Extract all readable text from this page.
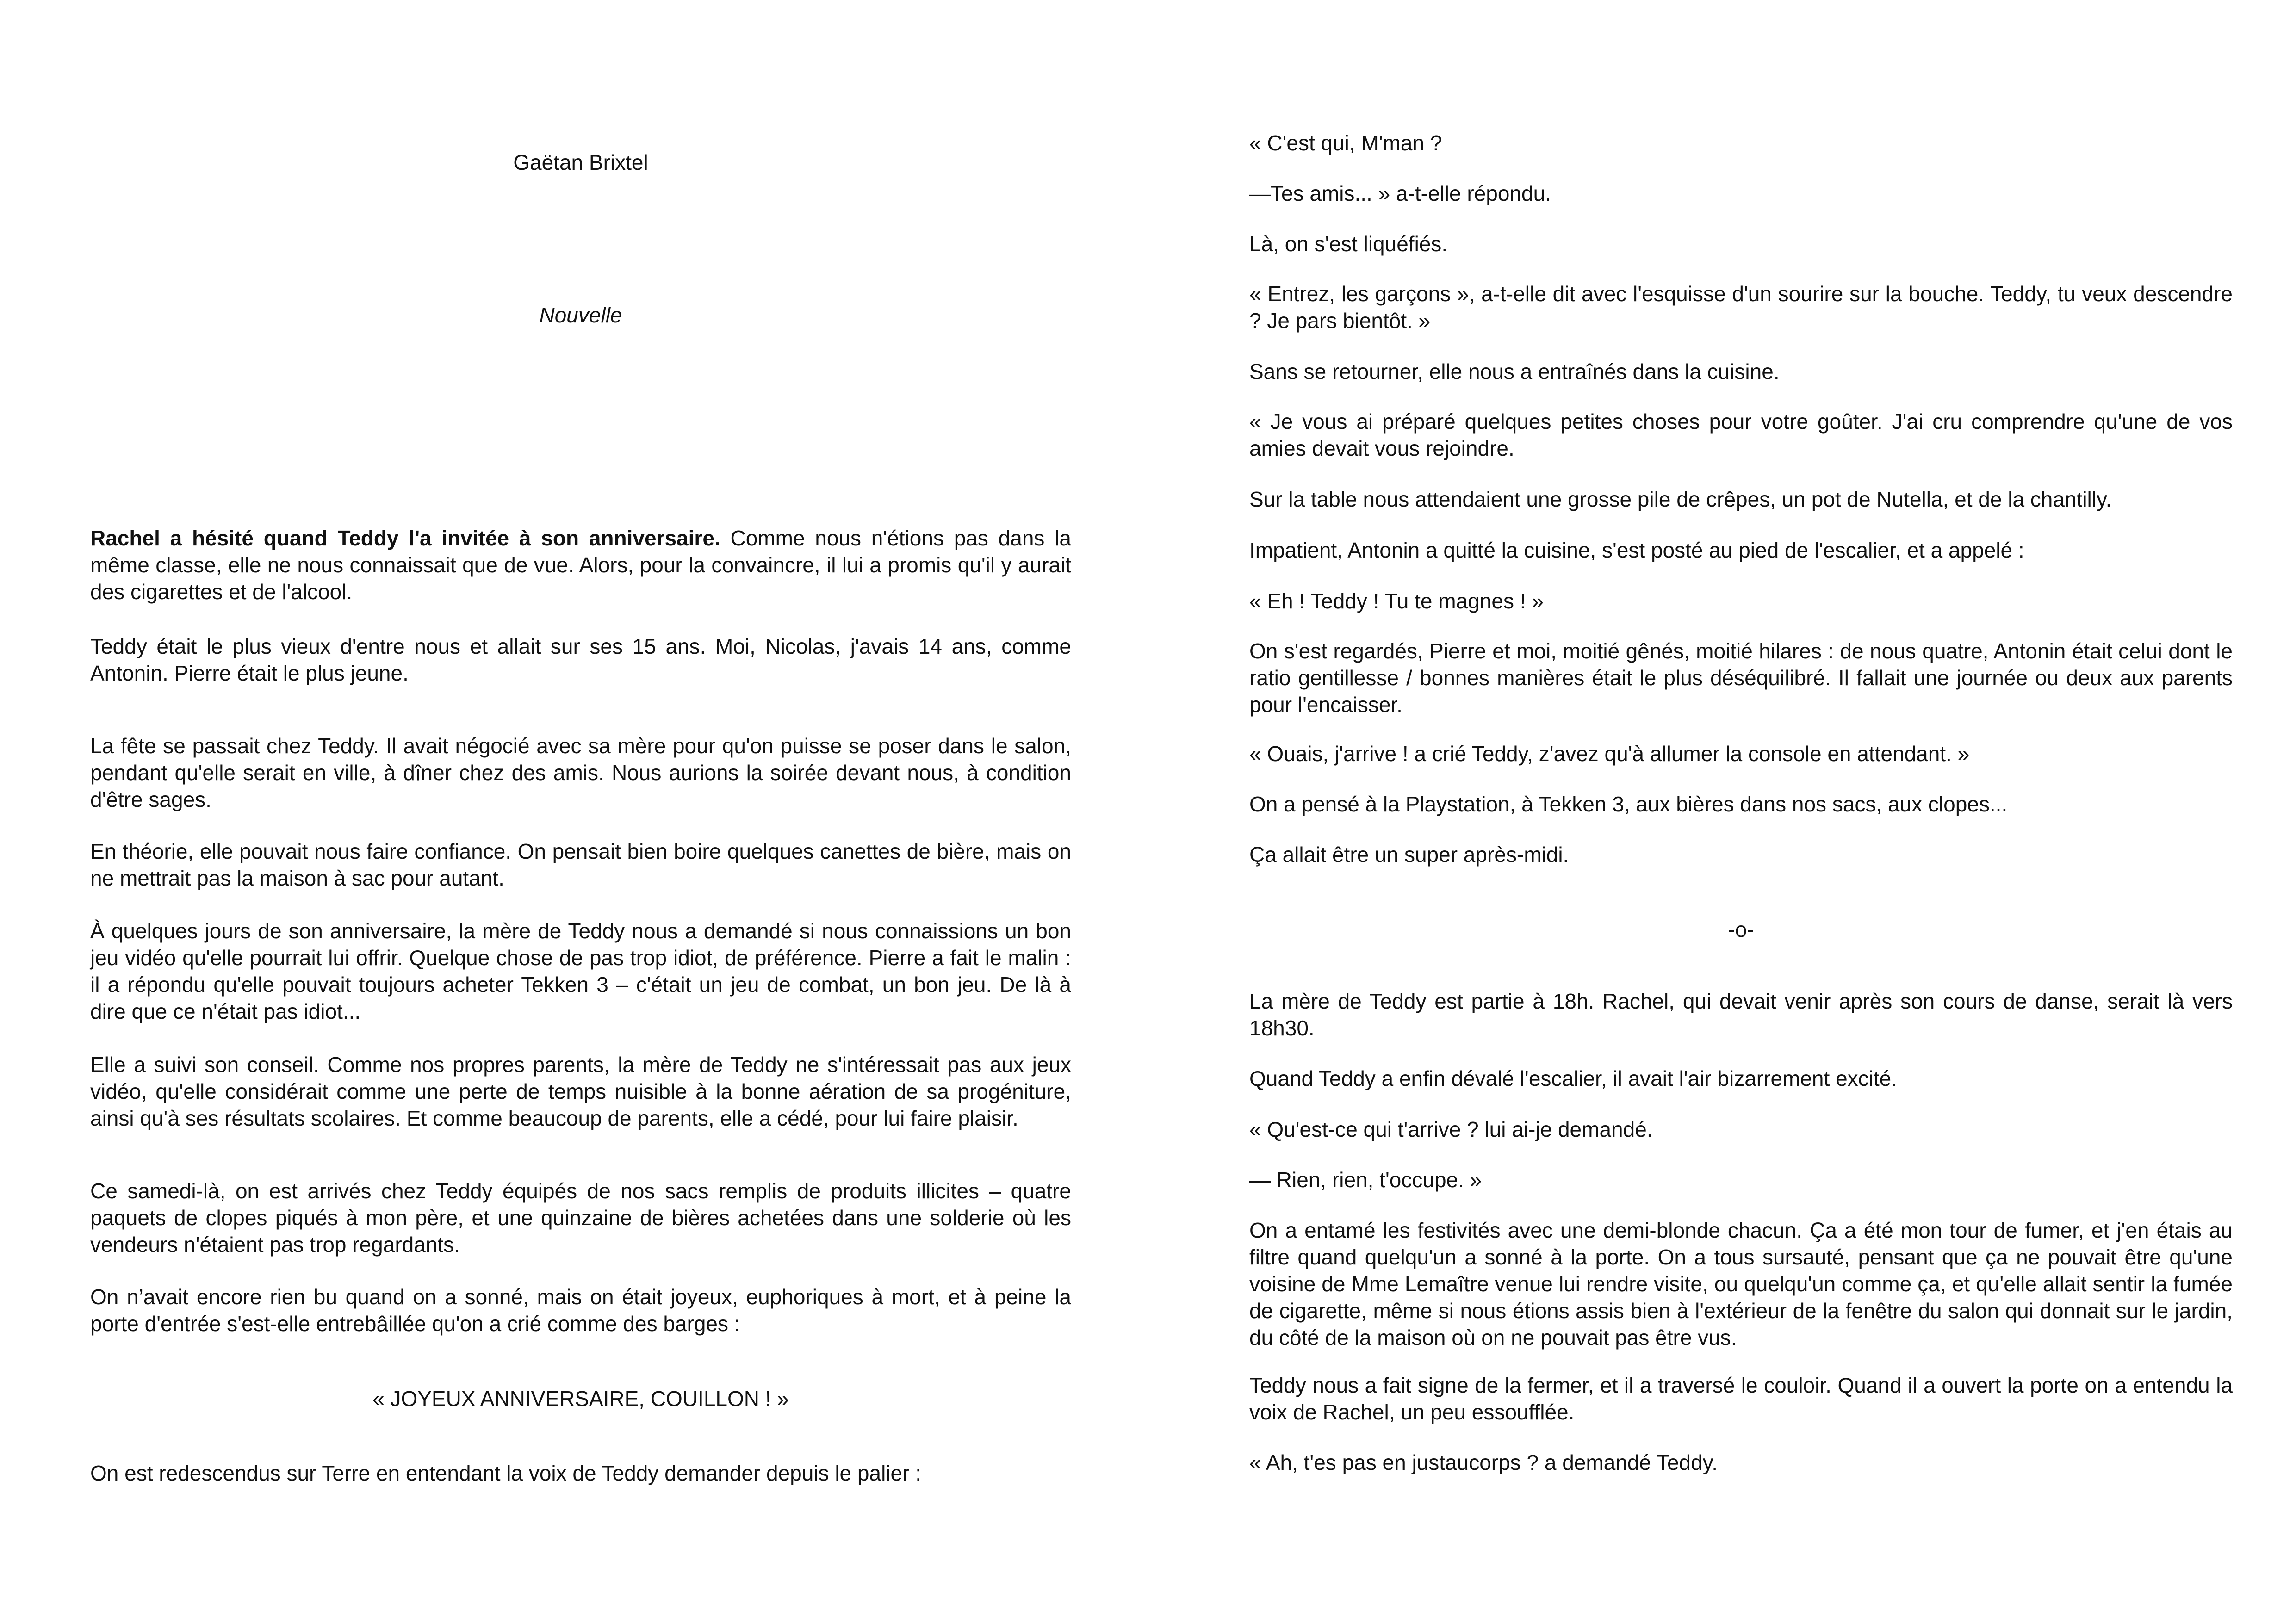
Gaëtan Brixtel
Nouvelle

Rachel a hésité quand Teddy l'a invitée à son anniversaire. Comme nous n'étions pas dans la même classe, elle ne nous connaissait que de vue. Alors, pour la convaincre, il lui a promis qu'il y aurait des cigarettes et de l'alcool.

Teddy était le plus vieux d'entre nous et allait sur ses 15 ans. Moi, Nicolas, j'avais 14 ans, comme Antonin. Pierre était le plus jeune.

La fête se passait chez Teddy. Il avait négocié avec sa mère pour qu'on puisse se poser dans le salon, pendant qu'elle serait en ville, à dîner chez des amis. Nous aurions la soirée devant nous, à condition d'être sages.

En théorie, elle pouvait nous faire confiance. On pensait bien boire quelques canettes de bière, mais on ne mettrait pas la maison à sac pour autant.

À quelques jours de son anniversaire, la mère de Teddy nous a demandé si nous connaissions un bon jeu vidéo qu'elle pourrait lui offrir. Quelque chose de pas trop idiot, de préférence. Pierre a fait le malin : il a répondu qu'elle pouvait toujours acheter Tekken 3 – c'était un jeu de combat, un bon jeu. De là à dire que ce n'était pas idiot...

Elle a suivi son conseil. Comme nos propres parents, la mère de Teddy ne s'intéressait pas aux jeux vidéo, qu'elle considérait comme une perte de temps nuisible à la bonne aération de sa progéniture, ainsi qu'à ses résultats scolaires. Et comme beaucoup de parents, elle a cédé, pour lui faire plaisir.

Ce samedi-là, on est arrivés chez Teddy équipés de nos sacs remplis de produits illicites – quatre paquets de clopes piqués à mon père, et une quinzaine de bières achetées dans une solderie où les vendeurs n'étaient pas trop regardants.

On n’avait encore rien bu quand on a sonné, mais on était joyeux, euphoriques à mort, et à peine la porte d'entrée s'est-elle entrebâillée qu'on a crié comme des barges :

« JOYEUX ANNIVERSAIRE, COUILLON ! »

On est redescendus sur Terre en entendant la voix de Teddy demander depuis le palier :

« C'est qui, M'man ?

—Tes amis... » a-t-elle répondu.

Là, on s'est liquéfiés.

« Entrez, les garçons », a-t-elle dit avec l'esquisse d'un sourire sur la bouche. Teddy, tu veux descendre ? Je pars bientôt. »

Sans se retourner, elle nous a entraînés dans la cuisine.

« Je vous ai préparé quelques petites choses pour votre goûter. J'ai cru comprendre qu'une de vos amies devait vous rejoindre.

Sur la table nous attendaient une grosse pile de crêpes, un pot de Nutella, et de la chantilly.

Impatient, Antonin a quitté la cuisine, s'est posté au pied de l'escalier, et a appelé :

« Eh ! Teddy ! Tu te magnes ! »

On s'est regardés, Pierre et moi, moitié gênés, moitié hilares : de nous quatre, Antonin était celui dont le ratio gentillesse / bonnes manières était le plus déséquilibré. Il fallait une journée ou deux aux parents pour l'encaisser.

« Ouais, j'arrive ! a crié Teddy, z'avez qu'à allumer la console en attendant. »

On a pensé à la Playstation, à Tekken 3, aux bières dans nos sacs, aux clopes...

Ça allait être un super après-midi.

-o-

La mère de Teddy est partie à 18h. Rachel, qui devait venir après son cours de danse, serait là vers 18h30.

Quand Teddy a enfin dévalé l'escalier, il avait l'air bizarrement excité.

« Qu'est-ce qui t'arrive ? lui ai-je demandé.

— Rien, rien, t'occupe. »

On a entamé les festivités avec une demi-blonde chacun. Ça a été mon tour de fumer, et j'en étais au filtre quand quelqu'un a sonné à la porte. On a tous sursauté, pensant que ça ne pouvait être qu'une voisine de Mme Lemaître venue lui rendre visite, ou quelqu'un comme ça, et qu'elle allait sentir la fumée de cigarette, même si nous étions assis bien à l'extérieur de la fenêtre du salon qui donnait sur le jardin, du côté de la maison où on ne pouvait pas être vus.

Teddy nous a fait signe de la fermer, et il a traversé le couloir. Quand il a ouvert la porte on a entendu la voix de Rachel, un peu essoufflée.

« Ah, t'es pas en justaucorps ? a demandé Teddy.
